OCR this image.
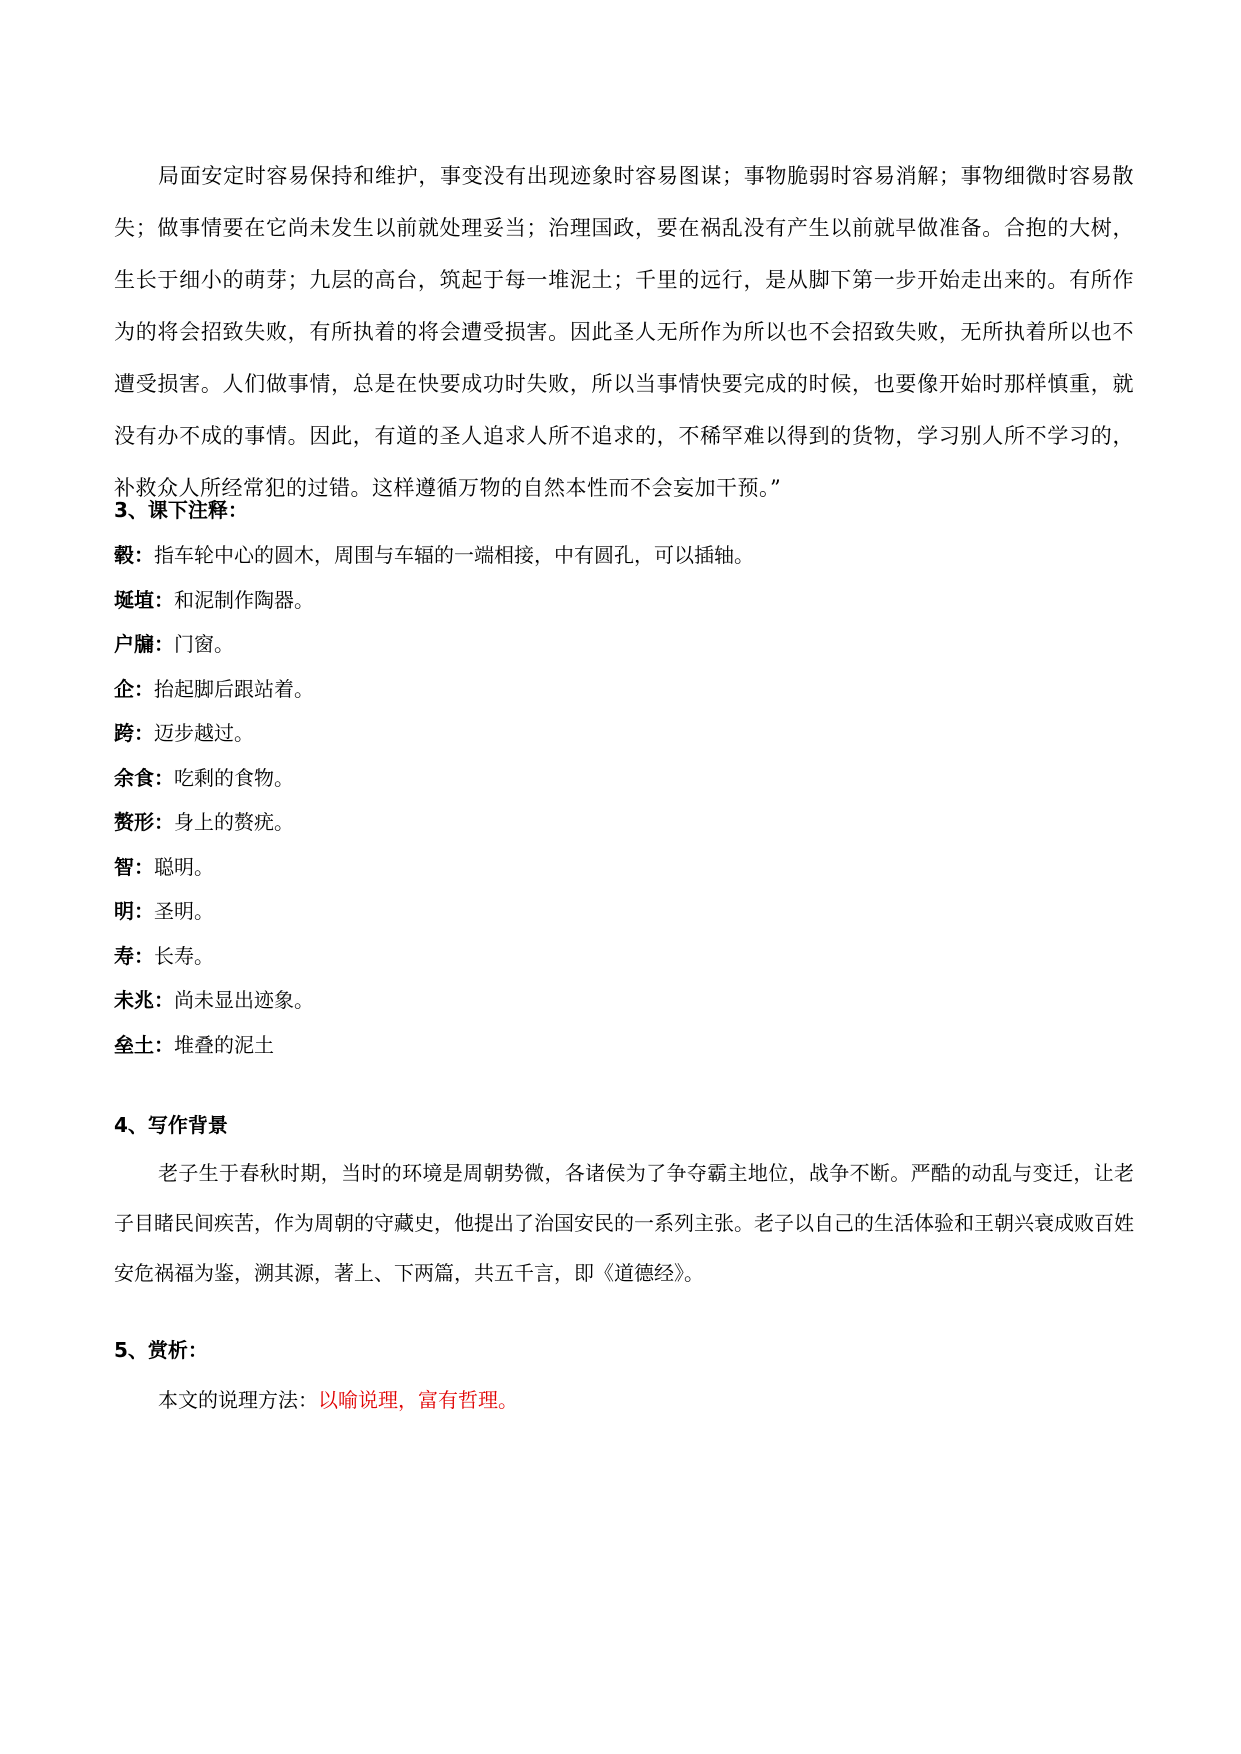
局面安定时容易保持和维护，事变没有出现迹象时容易图谋；事物脆弱时容易消解；事物细微时容易散失；做事情要在它尚未发生以前就处理妥当；治理国政，要在祸乱没有产生以前就早做准备。合抱的大树，生长于细小的萌芽；九层的高台，筑起于每一堆泥土；千里的远行，是从脚下第一步开始走出来的。有所作为的将会招致失败，有所执着的将会遭受损害。因此圣人无所作为所以也不会招致失败，无所执着所以也不遭受损害。人们做事情，总是在快要成功时失败，所以当事情快要完成的时候，也要像开始时那样慎重，就没有办不成的事情。因此，有道的圣人追求人所不追求的，不稀罕难以得到的货物，学习别人所不学习的，补救众人所经常犯的过错。这样遵循万物的自然本性而不会妄加干预。”

3、课下注释：

毂：指车轮中心的圆木，周围与车辐的一端相接，中有圆孔，可以插轴。

埏埴：和泥制作陶器。

户牖：门窗。

企：抬起脚后跟站着。

跨：迈步越过。

余食：吃剩的食物。

赘形：身上的赘疣。

智：聪明。

明：圣明。

寿：长寿。

未兆：尚未显出迹象。

垒土：堆叠的泥土

4、写作背景

老子生于春秋时期，当时的环境是周朝势微，各诸侯为了争夺霸主地位，战争不断。严酷的动乱与变迁，让老子目睹民间疾苦，作为周朝的守藏史，他提出了治国安民的一系列主张。老子以自己的生活体验和王朝兴衰成败百姓安危祸福为鉴，溯其源，著上、下两篇，共五千言，即《道德经》。

5、赏析：

本文的说理方法：以喻说理，富有哲理。
